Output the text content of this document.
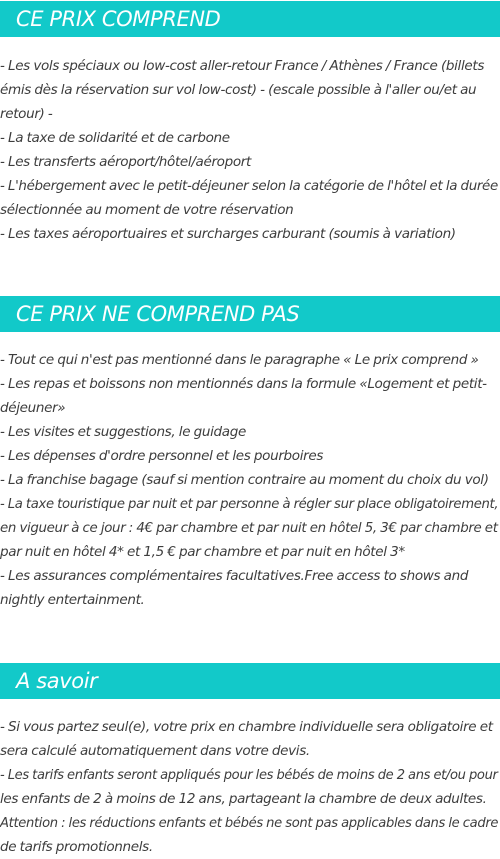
CE PRIX COMPREND
- Les vols spéciaux ou low-cost aller-retour France / Athènes / France (billets
émis dès la réservation sur vol low-cost) - (escale possible à l'aller ou/et au
retour) -
- La taxe de solidarité et de carbone
- Les transferts aéroport/hôtel/aéroport
- L'hébergement avec le petit-déjeuner selon la catégorie de l'hôtel et la durée
sélectionnée au moment de votre réservation
- Les taxes aéroportuaires et surcharges carburant (soumis à variation)
CE PRIX NE COMPREND PAS
- Tout ce qui n'est pas mentionné dans le paragraphe « Le prix comprend »
- Les repas et boissons non mentionnés dans la formule «Logement et petit-
déjeuner»
- Les visites et suggestions, le guidage
- Les dépenses d'ordre personnel et les pourboires
- La franchise bagage (sauf si mention contraire au moment du choix du vol)
- La taxe touristique par nuit et par personne à régler sur place obligatoirement,
en vigueur à ce jour : 4€ par chambre et par nuit en hôtel 5, 3€ par chambre et
par nuit en hôtel 4* et 1,5 € par chambre et par nuit en hôtel 3*
- Les assurances complémentaires facultatives.Free access to shows and
nightly entertainment.
A savoir
- Si vous partez seul(e), votre prix en chambre individuelle sera obligatoire et
sera calculé automatiquement dans votre devis.
- Les tarifs enfants seront appliqués pour les bébés de moins de 2 ans et/ou pour
les enfants de 2 à moins de 12 ans, partageant la chambre de deux adultes.
Attention : les réductions enfants et bébés ne sont pas applicables dans le cadre
de tarifs promotionnels.
